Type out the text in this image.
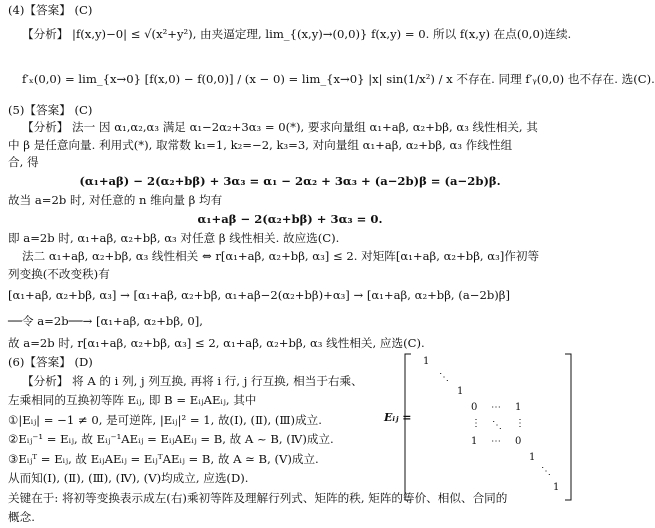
(4)【答案】 (C)
【分析】 |f(x,y)−0| ≤ √(x²+y²), 由夹逼定理, lim_{(x,y)→(0,0)} f(x,y) = 0. 所以 f(x,y) 在点(0,0)连续.
f′ₓ(0,0) = lim_{x→0} [f(x,0) − f(0,0)] / (x − 0) = lim_{x→0} |x| sin(1/x²) / x 不存在. 同理 f′ᵧ(0,0) 也不存在. 选(C).
(5)【答案】 (C)
【分析】 法一 因 α₁,α₂,α₃ 满足 α₁−2α₂+3α₃ = 0(*), 要求向量组 α₁+aβ, α₂+bβ, α₃ 线性相关, 其
中 β 是任意向量. 利用式(*), 取常数 k₁=1, k₂=−2, k₃=3, 对向量组 α₁+aβ, α₂+bβ, α₃ 作线性组
合, 得
(α₁+aβ) − 2(α₂+bβ) + 3α₃ = α₁ − 2α₂ + 3α₃ + (a−2b)β = (a−2b)β.
故当 a=2b 时, 对任意的 n 维向量 β 均有
α₁+aβ − 2(α₂+bβ) + 3α₃ = 0.
即 a=2b 时, α₁+aβ, α₂+bβ, α₃ 对任意 β 线性相关. 故应选(C).
法二 α₁+aβ, α₂+bβ, α₃ 线性相关 ⇔ r[α₁+aβ, α₂+bβ, α₃] ≤ 2. 对矩阵[α₁+aβ, α₂+bβ, α₃]作初等
列变换(不改变秩)有
[α₁+aβ, α₂+bβ, α₃] → [α₁+aβ, α₂+bβ, α₁+aβ−2(α₂+bβ)+α₃] → [α₁+aβ, α₂+bβ, (a−2b)β]
──令 a=2b──→ [α₁+aβ, α₂+bβ, 0],
故 a=2b 时, r[α₁+aβ, α₂+bβ, α₃] ≤ 2, α₁+aβ, α₂+bβ, α₃ 线性相关, 应选(C).
(6)【答案】 (D)
【分析】 将 A 的 i 列, j 列互换, 再将 i 行, j 行互换, 相当于右乘、
左乘相同的互换初等阵 Eᵢⱼ, 即 B = EᵢⱼAEᵢⱼ, 其中
①|Eᵢⱼ| = −1 ≠ 0, 是可逆阵, |Eᵢⱼ|² = 1, 故(Ⅰ), (Ⅱ), (Ⅲ)成立.
②Eᵢⱼ⁻¹ = Eᵢⱼ, 故 Eᵢⱼ⁻¹AEᵢⱼ = EᵢⱼAEᵢⱼ = B, 故 A ~ B, (Ⅳ)成立.
③Eᵢⱼᵀ = Eᵢⱼ, 故 EᵢⱼAEᵢⱼ = EᵢⱼᵀAEᵢⱼ = B, 故 A ≃ B, (Ⅴ)成立.
从而知(Ⅰ), (Ⅱ), (Ⅲ), (Ⅳ), (Ⅴ)均成立, 应选(D).
关键在于: 将初等变换表示成左(右)乘初等阵及理解行列式、矩阵的秩, 矩阵的等价、相似、合同的
概念.
Eᵢⱼ =
1
⋱
1
0 ⋯ 1
⋮ ⋱ ⋮
1 ⋯ 0
1
⋱
1
